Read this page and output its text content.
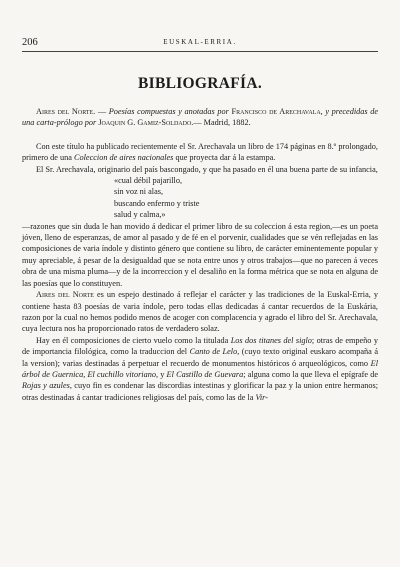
206	EUSKAL-ERRIA.
BIBLIOGRAFÍA.

Aires del Norte. — Poesías compuestas y anotadas por Francisco de Arechavala, y precedidas de una carta-prólogo por Joaquin G. Gamiz-Soldado.— Madrid, 1882.

Con este título ha publicado recientemente el Sr. Arechavala un libro de 174 páginas en 8.º prolongado, primero de una Coleccion de aires nacionales que proyecta dar á la estampa.

El Sr. Arechavala, originario del país bascongado, y que ha pasado en él una buena parte de su infancia,

«cual débil pajarillo,
sin voz ni alas,
buscando enfermo y triste
salud y calma,»

—razones que sin duda le han movido á dedicar el primer libro de su coleccion á esta region,—es un poeta jóven, lleno de esperanzas, de amor al pasado y de fé en el porvenir, cualidades que se vén reflejadas en las composiciones de varia índole y distinto género que contiene su libro, de carácter eminentemente popular y muy apreciable, á pesar de la desigualdad que se nota entre unos y otros trabajos—que no parecen á veces obra de una misma pluma—y de la incorreccion y el desaliño en la forma métrica que se nota en alguna de las poesías que lo constituyen.

Aires del Norte es un espejo destinado á reflejar el carácter y las tradiciones de la Euskal-Erria, y contiene hasta 83 poesías de varia índole, pero todas ellas dedicadas á cantar recuerdos de la Euskária, razon por la cual no hemos podido menos de acoger con complacencia y agrado el libro del Sr. Arechavala, cuya lectura nos ha proporcionado ratos de verdadero solaz.

Hay en él composiciones de cierto vuelo como la titulada Los dos titanes del siglo; otras de empeño y de importancia filológica, como la traduccion del Canto de Lelo, (cuyo texto original euskaro acompaña á la version); varias destinadas á perpetuar el recuerdo de monumentos históricos ó arqueológicos, como El árbol de Guernica, El cuchillo vitoriano, y El Castillo de Guevara; alguna como la que lleva el epígrafe de Rojas y azules, cuyo fin es condenar las discordias intestinas y glorificar la paz y la union entre hermanos; otras destinadas á cantar tradiciones religiosas del país, como las de la Vir-
